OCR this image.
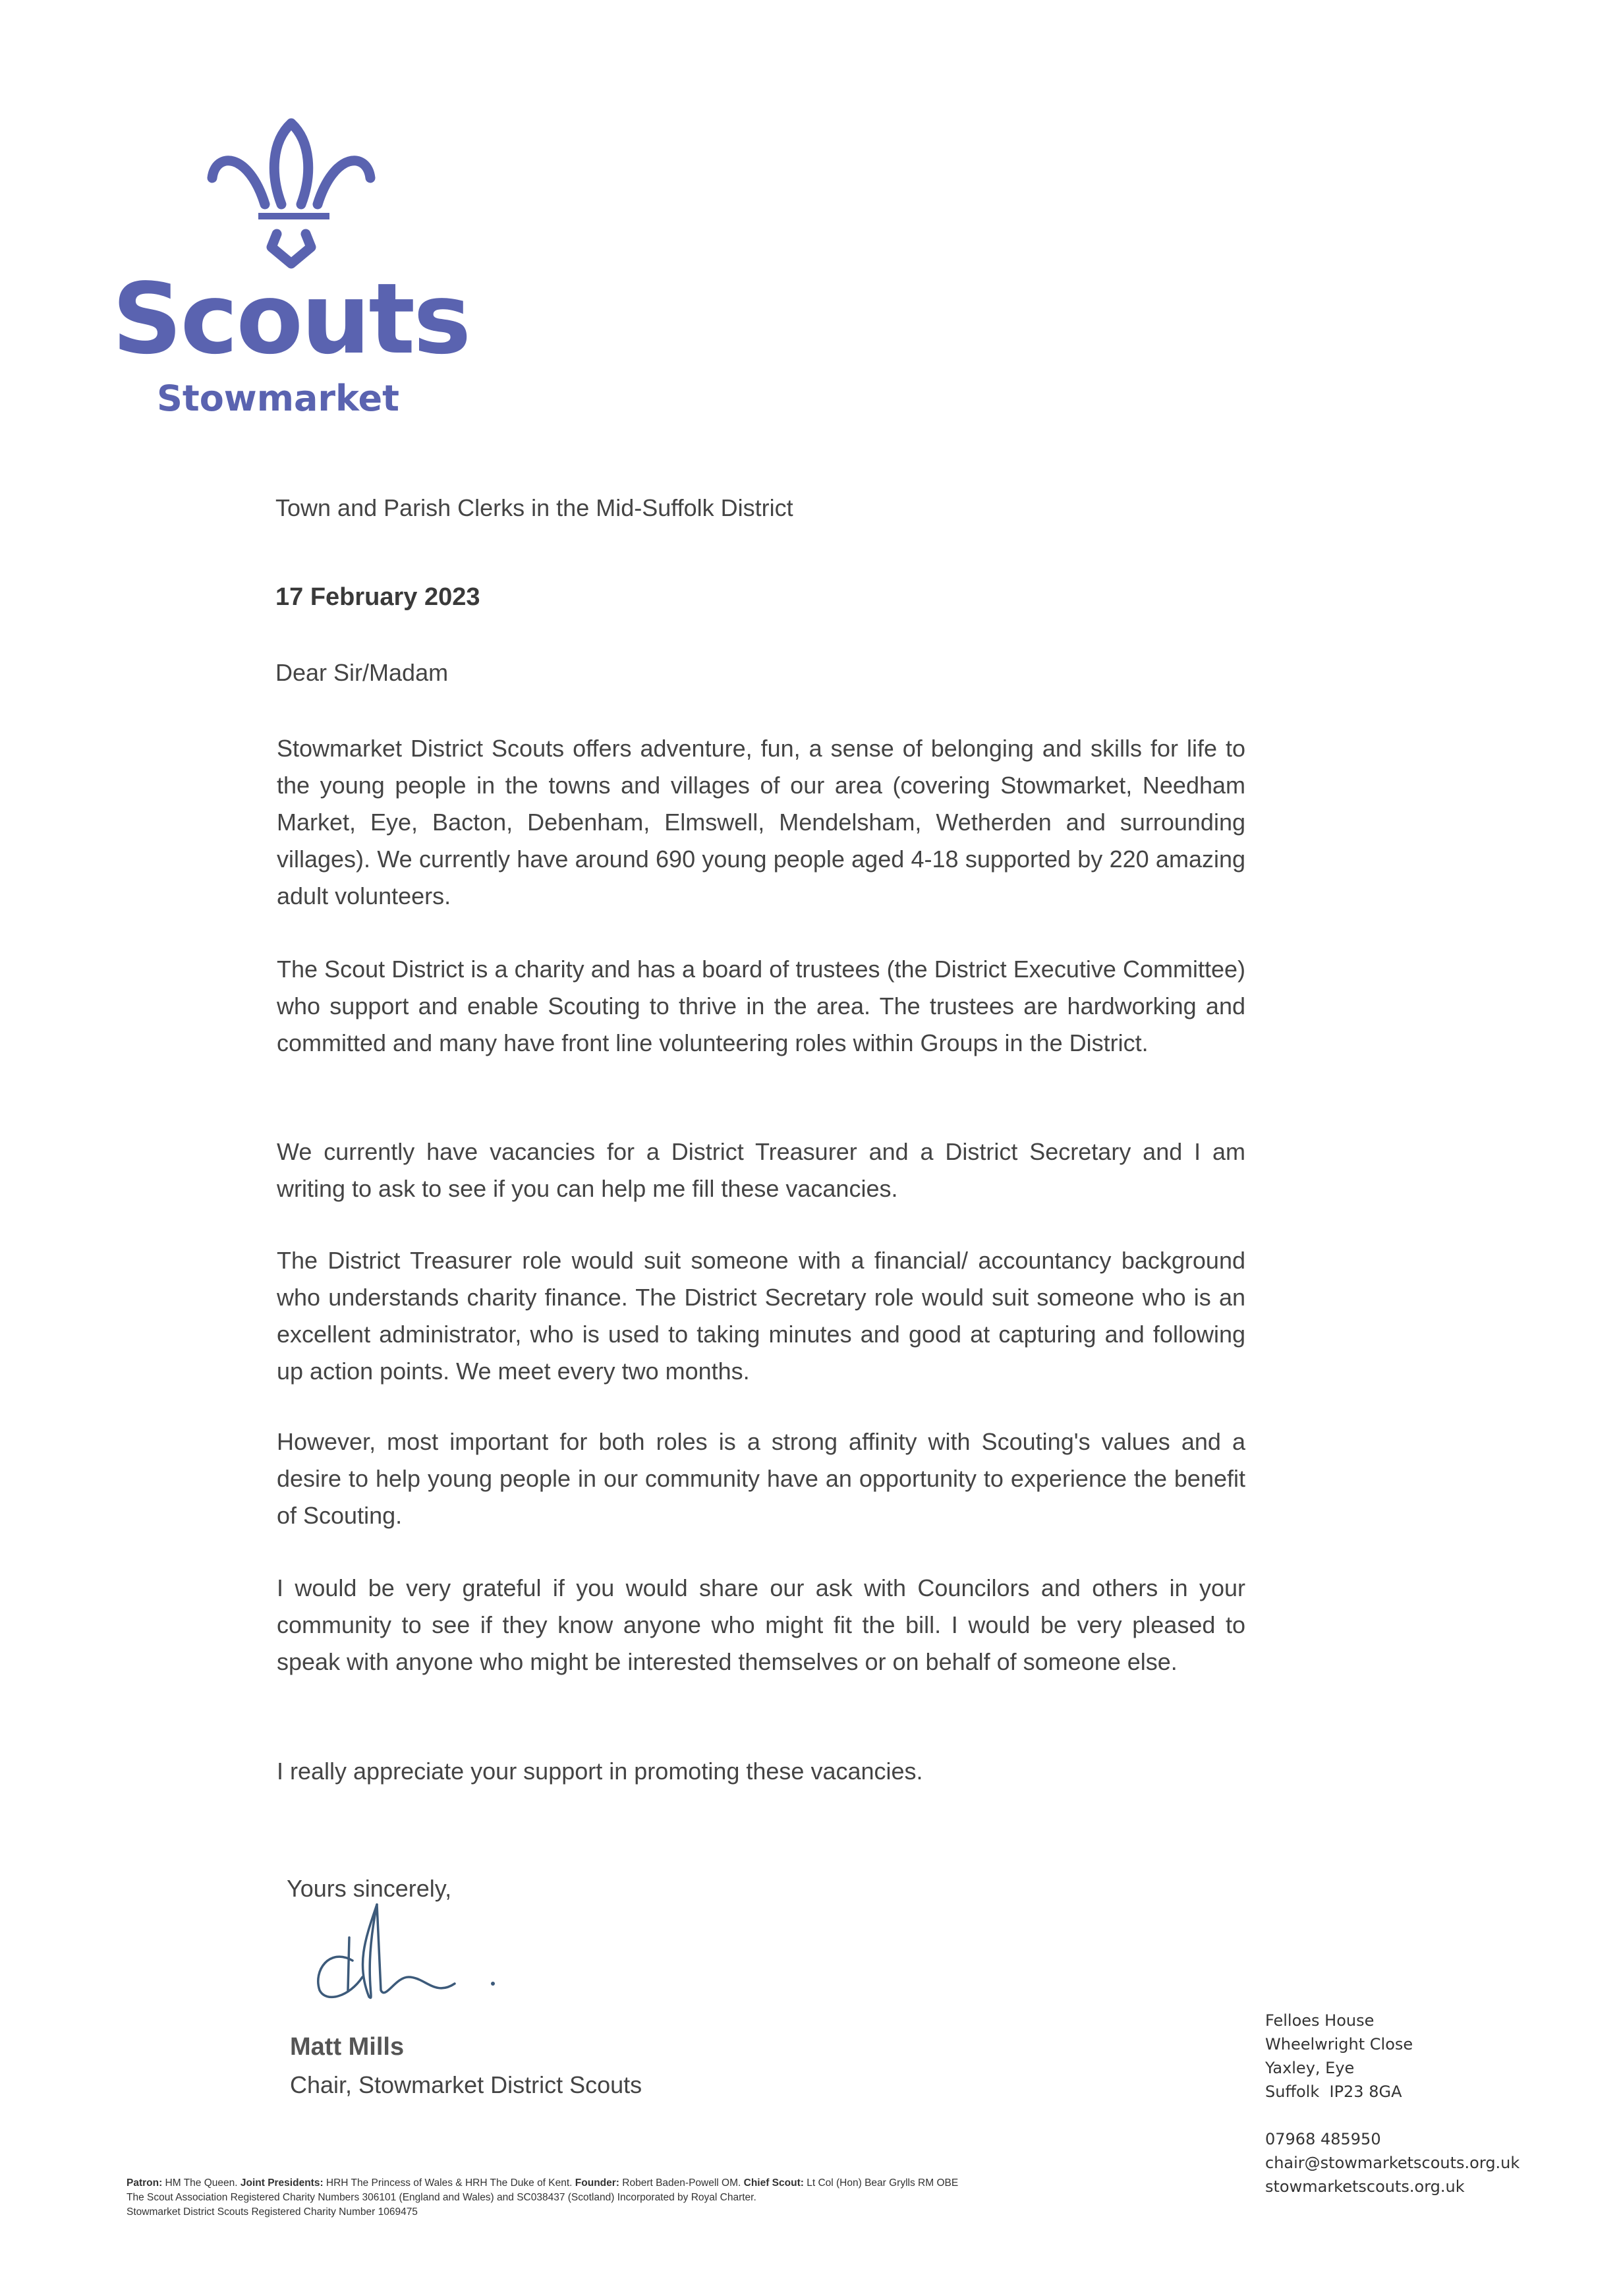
Scouts
Stowmarket
Town and Parish Clerks in the Mid-Suffolk District
17 February 2023
Dear Sir/Madam

Stowmarket District Scouts offers adventure, fun, a sense of belonging and skills for life to the young people in the towns and villages of our area (covering Stowmarket, Needham Market, Eye, Bacton, Debenham, Elmswell, Mendelsham, Wetherden and surrounding villages). We currently have around 690 young people aged 4-18 supported by 220 amazing adult volunteers.

The Scout District is a charity and has a board of trustees (the District Executive Committee) who support and enable Scouting to thrive in the area. The trustees are hardworking and committed and many have front line volunteering roles within Groups in the District.

We currently have vacancies for a District Treasurer and a District Secretary and I am writing to ask to see if you can help me fill these vacancies.

The District Treasurer role would suit someone with a financial/ accountancy background who understands charity finance. The District Secretary role would suit someone who is an excellent administrator, who is used to taking minutes and good at capturing and following up action points. We meet every two months.

However, most important for both roles is a strong affinity with Scouting's values and a desire to help young people in our community have an opportunity to experience the benefit of Scouting.

I would be very grateful if you would share our ask with Councilors and others in your community to see if they know anyone who might fit the bill. I would be very pleased to speak with anyone who might be interested themselves or on behalf of someone else.

I really appreciate your support in promoting these vacancies.

Yours sincerely,
Matt Mills
Chair, Stowmarket District Scouts
Felloes House
Wheelwright Close
Yaxley, Eye
Suffolk  IP23 8GA
07968 485950
chair@stowmarketscouts.org.uk
stowmarketscouts.org.uk
Patron: HM The Queen. Joint Presidents: HRH The Princess of Wales & HRH The Duke of Kent. Founder: Robert Baden-Powell OM. Chief Scout: Lt Col (Hon) Bear Grylls RM OBE
The Scout Association Registered Charity Numbers 306101 (England and Wales) and SC038437 (Scotland) Incorporated by Royal Charter.
Stowmarket District Scouts Registered Charity Number 1069475
